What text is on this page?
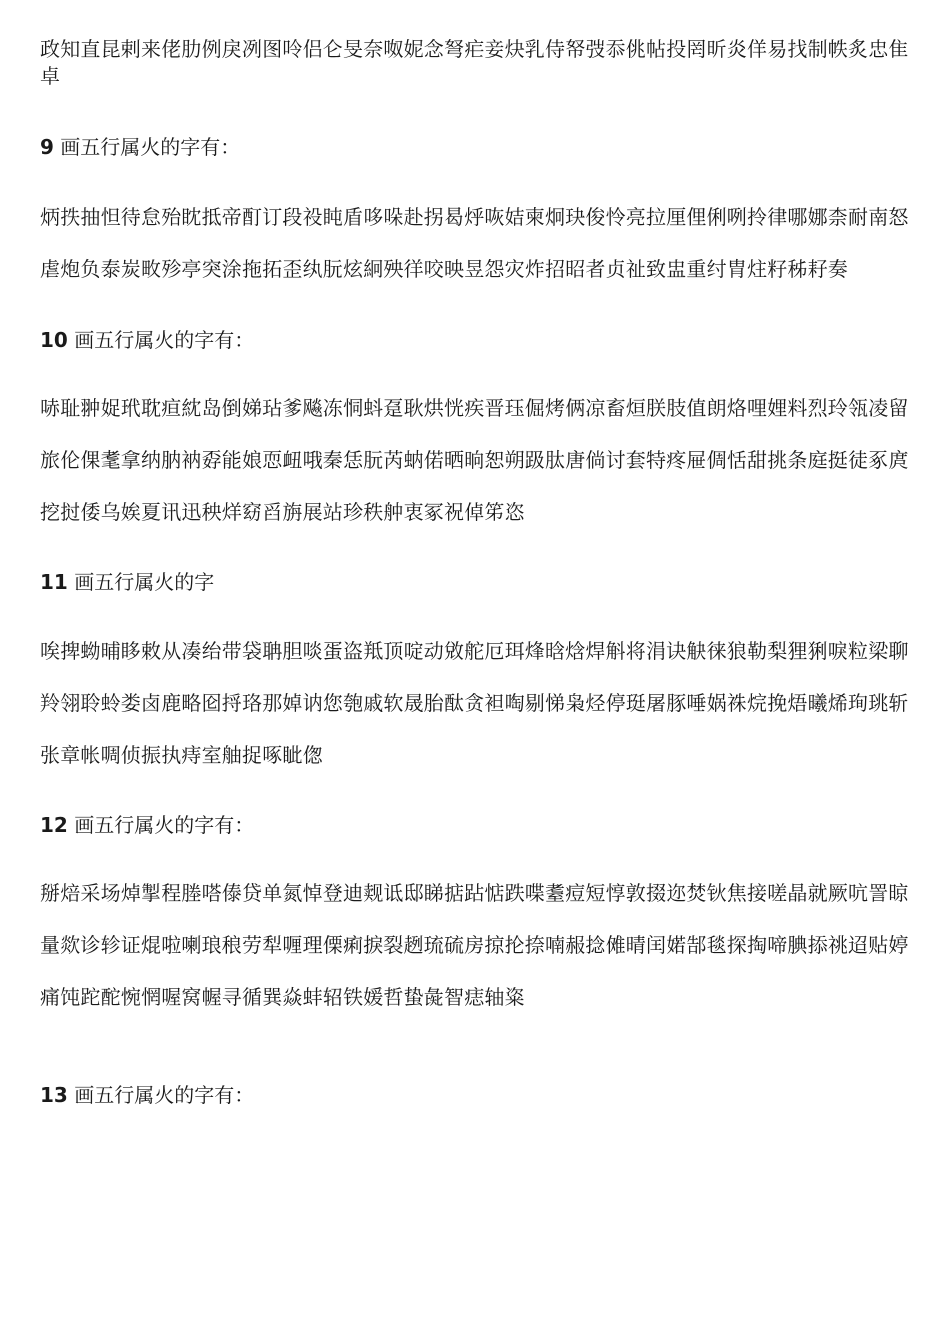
政知直昆剌来佬肋例戾冽图呤侣仑旻奈呶妮念弩疟妾炔乳侍帑弢忝佻帖投罔昕炎佯易找制帙炙忠隹卓

9 画五行属火的字有：

炳抶抽怛待怠殆眈抵帝酊订段祋盹盾哆哚赴拐曷烀咴姞柬炯玦俊怜亮拉厘俚俐咧拎律哪娜柰耐南怒虐炮负泰炭畋殄亭突涂拖拓歪纨朊炫絅殃徉咬映昱怨灾炸招昭者贞祉致盅重纣胄炷籽秭耔奏

10 画五行属火的字有：

哧耻翀娖玳耽疸紞岛倒娣玷爹飚冻恫蚪趸耿烘恍疾晋珏倔烤俩凉畜烜朕肢值朗烙哩娌料烈玲瓴凌留旅伦倮耄拿纳肭衲孬能娘恧衄哦秦恁朊芮蚋偌晒晌恕朔趿肽唐倘讨套特疼屉倜恬甜挑条庭挺徒豖庹挖挝倭乌娭夏讯迅秧烊窈舀旃展站珍秩舯衷冢祝倬笫恣

11 画五行属火的字

唉捭蚴晡眵敕从凑绐带袋聃胆啖蛋盗羝顶啶动敓舵厄珥烽晗焓焊斛将涓诀觖徕狼勒梨狸猁唳粒梁聊羚翎聆蛉娄卤鹿略囵捋珞那婥讷您匏戚软晟胎酞贪袒啕剔悌枭烃停珽屠豚唾娲祩烷挽焐曦烯珣珧斩张章帐啁侦振执痔室舳捉啄眦偬

12 画五行属火的字有：

掰焙采场焯掣程塍嗒傣贷单氮悼登迪觌诋邸睇掂跕惦跌喋耋痘短惇敦掇迩焚钬焦接嗟晶就厥吭詈晾量欻诊轸证焜啦喇琅稂劳犁喱理傈痢捩裂趔琉硫房掠抡捺喃赧捻傩晴闰婼郜毯探掏啼腆掭祧迢贴婷痛饨跎酡惋惘喔窝幄寻循巽焱蚌轺铁媛哲蛰彘智痣轴粢

13 画五行属火的字有：
